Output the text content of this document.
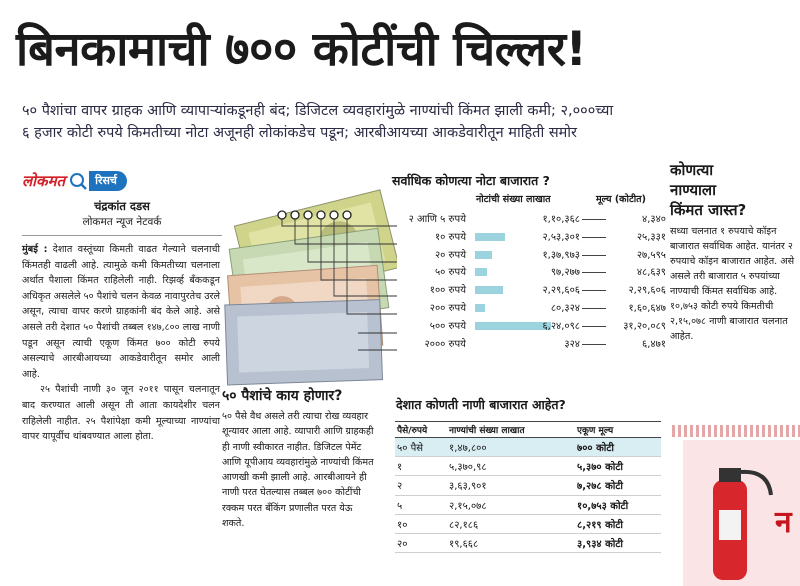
बिनकामाची ७०० कोटींची चिल्लर!
५० पैशांचा वापर ग्राहक आणि व्यापाऱ्यांकडूनही बंद; डिजिटल व्यवहारांमुळे नाण्यांची किंमत झाली कमी; २,०००च्या
६ हजार कोटी रुपये किमतीच्या नोटा अजूनही लोकांकडेच पडून; आरबीआयच्या आकडेवारीतून माहिती समोर
लोकमत	रिसर्च
चंद्रकांत दडस
लोकमत न्यूज नेटवर्क

मुंबई : देशात वस्तूंच्या किमती वाढत गेल्याने चलनाची किंमतही वाढली आहे. त्यामुळे कमी किमतीच्या चलनाला अर्थात पैशाला किंमत राहिलेली नाही. रिझर्व्ह बँककडून अधिकृत असलेले ५० पैशांचे चलन केवळ नावापुरतेच उरले असून, त्याचा वापर करणे ग्राहकांनी बंद केले आहे. असे असले तरी देशात ५० पैशांची तब्बल १४७,८०० लाख नाणी पडून असून त्याची एकूण किंमत ७०० कोटी रुपये असल्याचे आरबीआयच्या आकडेवारीतून समोर आली आहे.

२५ पैशांची नाणी ३० जून २०११ पासून चलनातून बाद करण्यात आली असून ती आता कायदेशीर चलन राहिलेली नाहीत. २५ पैशांपेक्षा कमी मूल्याच्या नाण्यांचा वापर यापूर्वीच थांबवण्यात आला होता.

सर्वाधिक कोणत्या नोटा बाजारात ?
नोटांची संख्या लाखात	मूल्य (कोटीत)
२ आणि ५ रुपये	१,१०,३६८	४,३४०
१० रुपये	२,५३,३०१	२५,३३१
२० रुपये	१,३७,९७३	२७,५९५
५० रुपये	९७,२७७	४८,६३९
१०० रुपये	२,२९,६०६	२,२९,६०६
२०० रुपये	८०,३२४	१,६०,६४७
५०० रुपये	६,२४,०९८	३१,२०,०८९
२००० रुपये	३२४	६,४७१
कोणत्या
नाण्याला
किंमत जास्त?
सध्या चलनात १ रुपयाचे कॉइन बाजारात सर्वाधिक आहेत. यानंतर २ रुपयाचे कॉइन बाजारात आहेत. असे असले तरी बाजारात ५ रुपयांच्या नाण्याची किंमत सर्वाधिक आहे. १०,७५३ कोटी रुपये किमतीची २,१५,०७८ नाणी बाजारात चलनात आहेत.
न
५० पैशांचे काय होणार?
५० पैसे वैध असले तरी त्याचा रोख व्यवहार शून्यावर आला आहे. व्यापारी आणि ग्राहकही ही नाणी स्वीकारत नाहीत. डिजिटल पेमेंट आणि यूपीआय व्यवहारांमुळे नाण्यांची किंमत आणखी कमी झाली आहे. आरबीआयने ही नाणी परत घेतल्यास तब्बल ७०० कोटींची रक्कम परत बँकिंग प्रणालीत परत येऊ शकते.
देशात कोणती नाणी बाजारात आहेत?
पैसे/रुपये	नाण्यांची संख्या लाखात	एकूण मूल्य
५० पैसे	१,४७,८००	७०० कोटी
१	५,३७०,९८	५,३७० कोटी
२	३,६३,९०१	७,२७८ कोटी
५	२,१५,०७८	१०,७५३ कोटी
१०	८२,१८६	८,२१९ कोटी
२०	१९,६६८	३,९३४ कोटी
